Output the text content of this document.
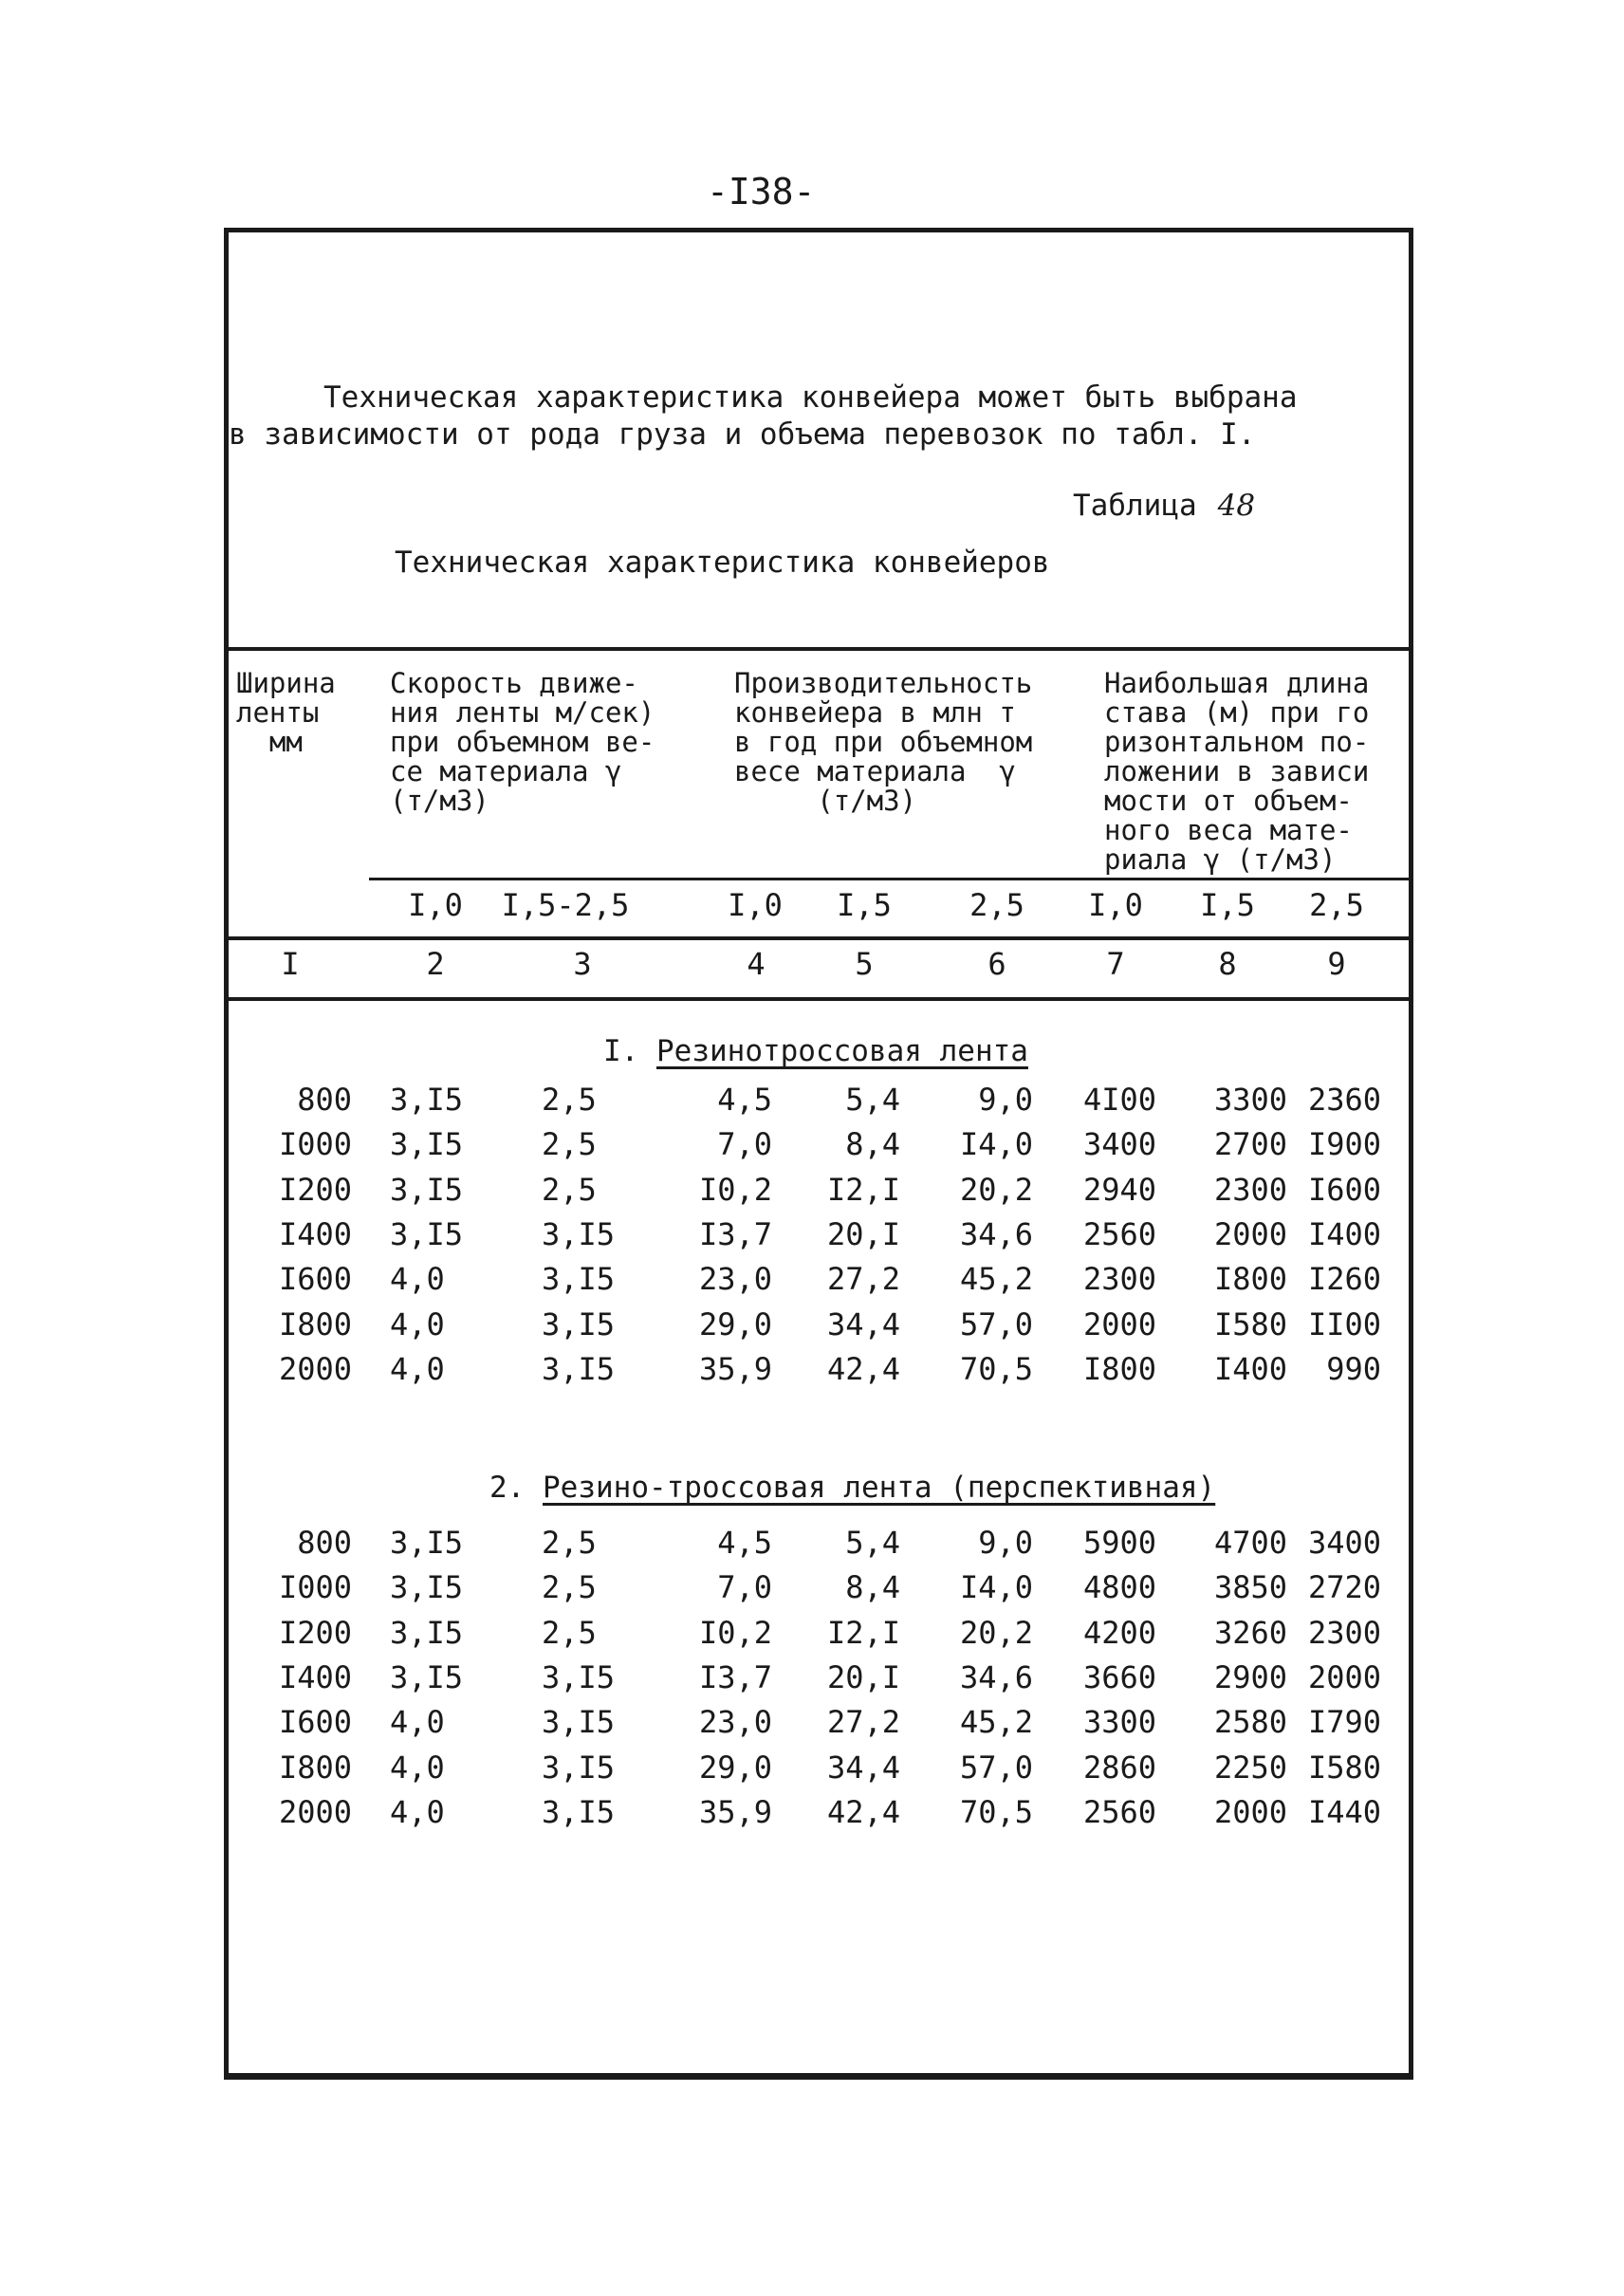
-I38-
Техническая характеристика конвейера может быть выбрана
в зависимости от рода груза и объема перевозок по табл. I.
Таблица 48
Техническая характеристика конвейеров
Ширина
ленты
мм
Скорость движе-
ния ленты м/сек)
при объемном ве-
се материала γ
(т/м3)
Производительность
конвейера в млн т
в год при объемном
весе материала  γ
(т/м3)
Наибольшая длина
става (м) при го
ризонтальном по-
ложении в зависи
мости от объем-
ного веса мате-
риала γ (т/м3)
I,0	I,5-2,5	I,0	I,5	2,5	I,0	I,5	2,5
I	2	3	4	5	6	7	8	9
I. Резинотроссовая лента
800 3,I5	2,5	4,5 5,4	9,0 4I00 3300 2360
I000 3,I5	2,5	7,0 8,4 I4,0 3400 2700 I900
I200 3,I5	2,5	I0,2 I2,I 20,2 2940 2300 I600
I400 3,I5	3,I5	I3,7 20,I 34,6 2560 2000 I400
I600 4,0	3,I5	23,0 27,2 45,2 2300 I800 I260
I800 4,0	3,I5	29,0 34,4 57,0 2000 I580 II00
2000 4,0	3,I5	35,9 42,4 70,5 I800 I400 990
2. Резино-троссовая лента (перспективная)
800 3,I5	2,5	4,5 5,4	9,0 5900 4700 3400
I000 3,I5	2,5	7,0 8,4 I4,0 4800 3850 2720
I200 3,I5	2,5	I0,2 I2,I 20,2 4200 3260 2300
I400 3,I5	3,I5	I3,7 20,I 34,6 3660 2900 2000
I600 4,0	3,I5	23,0 27,2 45,2 3300 2580 I790
I800 4,0	3,I5	29,0 34,4 57,0 2860 2250 I580
2000 4,0	3,I5	35,9 42,4 70,5 2560 2000 I440
